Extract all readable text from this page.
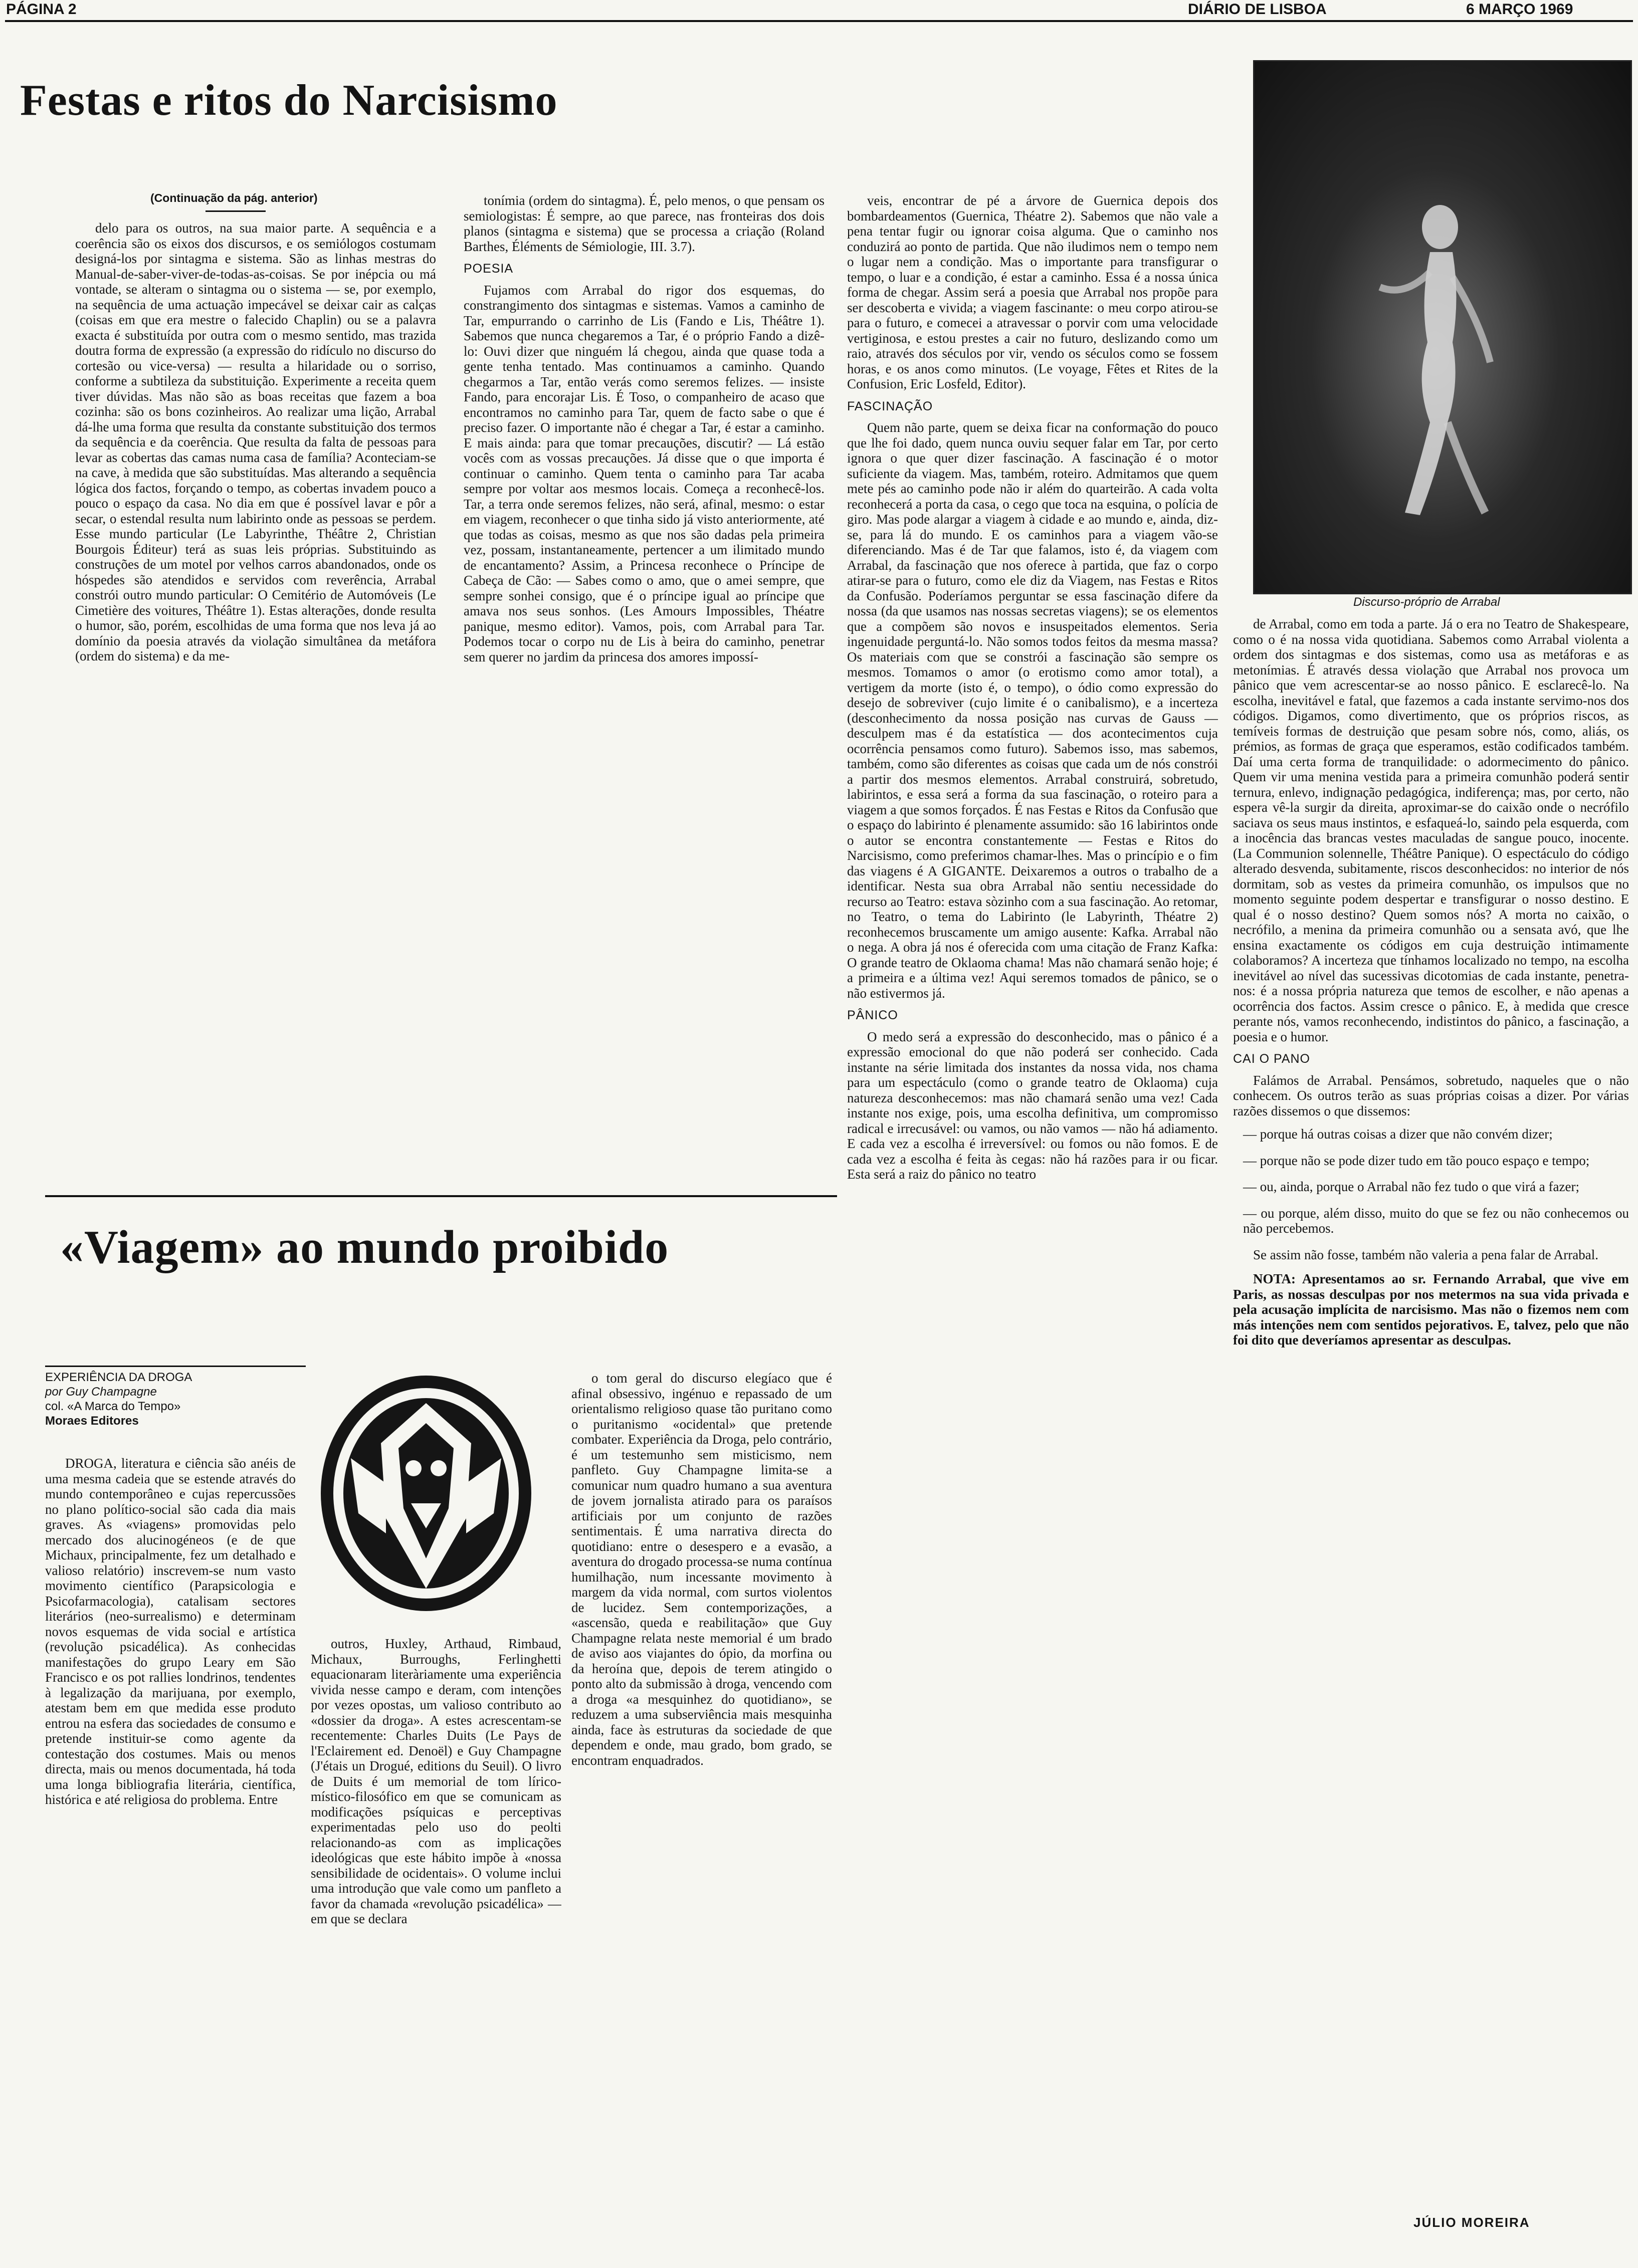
PÁGINA 2	DIÁRIO DE LISBOA	6 MARÇO 1969
Festas e ritos do Narcisismo
(Continuação da pág. anterior)

delo para os outros, na sua maior parte. A sequência e a coerência são os eixos dos discursos, e os semiólogos costumam designá-los por sintagma e sistema. São as linhas mestras do Manual-de-saber-viver-de-todas-as-coisas. Se por inépcia ou má vontade, se alteram o sintagma ou o sistema — se, por exemplo, na sequência de uma actuação impecável se deixar cair as calças (coisas em que era mestre o falecido Chaplin) ou se a palavra exacta é substituída por outra com o mesmo sentido, mas trazida doutra forma de expressão (a expressão do ridículo no discurso do cortesão ou vice-versa) — resulta a hilaridade ou o sorriso, conforme a subtileza da substituição. Experimente a receita quem tiver dúvidas. Mas não são as boas receitas que fazem a boa cozinha: são os bons cozinheiros. Ao realizar uma lição, Arrabal dá-lhe uma forma que resulta da constante substituição dos termos da sequência e da coerência. Que resulta da falta de pessoas para levar as cobertas das camas numa casa de família? Aconteciam-se na cave, à medida que são substituídas. Mas alterando a sequência lógica dos factos, forçando o tempo, as cobertas invadem pouco a pouco o espaço da casa. No dia em que é possível lavar e pôr a secar, o estendal resulta num labirinto onde as pessoas se perdem. Esse mundo particular (Le Labyrinthe, Théâtre 2, Christian Bourgois Éditeur) terá as suas leis próprias. Substituindo as construções de um motel por velhos carros abandonados, onde os hóspedes são atendidos e servidos com reverência, Arrabal constrói outro mundo particular: O Cemitério de Automóveis (Le Cimetière des voitures, Théâtre 1). Estas alterações, donde resulta o humor, são, porém, escolhidas de uma forma que nos leva já ao domínio da poesia através da violação simultânea da metáfora (ordem do sistema) e da me-

tonímia (ordem do sintagma). É, pelo menos, o que pensam os semiologistas: É sempre, ao que parece, nas fronteiras dos dois planos (sintagma e sistema) que se processa a criação (Roland Barthes, Éléments de Sémiologie, III. 3.7).

POESIA

Fujamos com Arrabal do rigor dos esquemas, do constrangimento dos sintagmas e sistemas. Vamos a caminho de Tar, empurrando o carrinho de Lis (Fando e Lis, Théâtre 1). Sabemos que nunca chegaremos a Tar, é o próprio Fando a dizê-lo: Ouvi dizer que ninguém lá chegou, ainda que quase toda a gente tenha tentado. Mas continuamos a caminho. Quando chegarmos a Tar, então verás como seremos felizes. — insiste Fando, para encorajar Lis. É Toso, o companheiro de acaso que encontramos no caminho para Tar, quem de facto sabe o que é preciso fazer. O importante não é chegar a Tar, é estar a caminho. E mais ainda: para que tomar precauções, discutir? — Lá estão vocês com as vossas precauções. Já disse que o que importa é continuar o caminho. Quem tenta o caminho para Tar acaba sempre por voltar aos mesmos locais. Começa a reconhecê-los. Tar, a terra onde seremos felizes, não será, afinal, mesmo: o estar em viagem, reconhecer o que tinha sido já visto anteriormente, até que todas as coisas, mesmo as que nos são dadas pela primeira vez, possam, instantaneamente, pertencer a um ilimitado mundo de encantamento? Assim, a Princesa reconhece o Príncipe de Cabeça de Cão: — Sabes como o amo, que o amei sempre, que sempre sonhei consigo, que é o príncipe igual ao príncipe que amava nos seus sonhos. (Les Amours Impossibles, Théatre panique, mesmo editor). Vamos, pois, com Arrabal para Tar. Podemos tocar o corpo nu de Lis à beira do caminho, penetrar sem querer no jardim da princesa dos amores impossí-

veis, encontrar de pé a árvore de Guernica depois dos bombardeamentos (Guernica, Théatre 2). Sabemos que não vale a pena tentar fugir ou ignorar coisa alguma. Que o caminho nos conduzirá ao ponto de partida. Que não iludimos nem o tempo nem o lugar nem a condição. Mas o importante para transfigurar o tempo, o luar e a condição, é estar a caminho. Essa é a nossa única forma de chegar. Assim será a poesia que Arrabal nos propõe para ser descoberta e vivida; a viagem fascinante: o meu corpo atirou-se para o futuro, e comecei a atravessar o porvir com uma velocidade vertiginosa, e estou prestes a cair no futuro, deslizando como um raio, através dos séculos por vir, vendo os séculos como se fossem horas, e os anos como minutos. (Le voyage, Fêtes et Rites de la Confusion, Eric Losfeld, Editor).

FASCINAÇÃO

Quem não parte, quem se deixa ficar na conformação do pouco que lhe foi dado, quem nunca ouviu sequer falar em Tar, por certo ignora o que quer dizer fascinação. A fascinação é o motor suficiente da viagem. Mas, também, roteiro. Admitamos que quem mete pés ao caminho pode não ir além do quarteirão. A cada volta reconhecerá a porta da casa, o cego que toca na esquina, o polícia de giro. Mas pode alargar a viagem à cidade e ao mundo e, ainda, diz-se, para lá do mundo. E os caminhos para a viagem vão-se diferenciando. Mas é de Tar que falamos, isto é, da viagem com Arrabal, da fascinação que nos oferece à partida, que faz o corpo atirar-se para o futuro, como ele diz da Viagem, nas Festas e Ritos da Confusão. Poderíamos perguntar se essa fascinação difere da nossa (da que usamos nas nossas secretas viagens); se os elementos que a compõem são novos e insuspeitados elementos. Seria ingenuidade perguntá-lo. Não somos todos feitos da mesma massa? Os materiais com que se constrói a fascinação são sempre os mesmos. Tomamos o amor (o erotismo como amor total), a vertigem da morte (isto é, o tempo), o ódio como expressão do desejo de sobreviver (cujo limite é o canibalismo), e a incerteza (desconhecimento da nossa posição nas curvas de Gauss — desculpem mas é da estatística — dos acontecimentos cuja ocorrência pensamos como futuro). Sabemos isso, mas sabemos, também, como são diferentes as coisas que cada um de nós constrói a partir dos mesmos elementos. Arrabal construirá, sobretudo, labirintos, e essa será a forma da sua fascinação, o roteiro para a viagem a que somos forçados. É nas Festas e Ritos da Confusão que o espaço do labirinto é plenamente assumido: são 16 labirintos onde o autor se encontra constantemente — Festas e Ritos do Narcisismo, como preferimos chamar-lhes. Mas o princípio e o fim das viagens é A GIGANTE. Deixaremos a outros o trabalho de a identificar. Nesta sua obra Arrabal não sentiu necessidade do recurso ao Teatro: estava sòzinho com a sua fascinação. Ao retomar, no Teatro, o tema do Labirinto (le Labyrinth, Théatre 2) reconhecemos bruscamente um amigo ausente: Kafka. Arrabal não o nega. A obra já nos é oferecida com uma citação de Franz Kafka: O grande teatro de Oklaoma chama! Mas não chamará senão hoje; é a primeira e a última vez! Aqui seremos tomados de pânico, se o não estivermos já.

PÂNICO

O medo será a expressão do desconhecido, mas o pânico é a expressão emocional do que não poderá ser conhecido. Cada instante na série limitada dos instantes da nossa vida, nos chama para um espectáculo (como o grande teatro de Oklaoma) cuja natureza desconhecemos: mas não chamará senão uma vez! Cada instante nos exige, pois, uma escolha definitiva, um compromisso radical e irrecusável: ou vamos, ou não vamos — não há adiamento. E cada vez a escolha é irreversível: ou fomos ou não fomos. E de cada vez a escolha é feita às cegas: não há razões para ir ou ficar. Esta será a raiz do pânico no teatro

Discurso-próprio de Arrabal

de Arrabal, como em toda a parte. Já o era no Teatro de Shakespeare, como o é na nossa vida quotidiana. Sabemos como Arrabal violenta a ordem dos sintagmas e dos sistemas, como usa as metáforas e as metonímias. É através dessa violação que Arrabal nos provoca um pânico que vem acrescentar-se ao nosso pânico. E esclarecê-lo. Na escolha, inevitável e fatal, que fazemos a cada instante servimo-nos dos códigos. Digamos, como divertimento, que os próprios riscos, as temíveis formas de destruição que pesam sobre nós, como, aliás, os prémios, as formas de graça que esperamos, estão codificados também. Daí uma certa forma de tranquilidade: o adormecimento do pânico. Quem vir uma menina vestida para a primeira comunhão poderá sentir ternura, enlevo, indignação pedagógica, indiferença; mas, por certo, não espera vê-la surgir da direita, aproximar-se do caixão onde o necrófilo saciava os seus maus instintos, e esfaqueá-lo, saindo pela esquerda, com a inocência das brancas vestes maculadas de sangue pouco, inocente. (La Communion solennelle, Théâtre Panique). O espectáculo do código alterado desvenda, subitamente, riscos desconhecidos: no interior de nós dormitam, sob as vestes da primeira comunhão, os impulsos que no momento seguinte podem despertar e transfigurar o nosso destino. E qual é o nosso destino? Quem somos nós? A morta no caixão, o necrófilo, a menina da primeira comunhão ou a sensata avó, que lhe ensina exactamente os códigos em cuja destruição intimamente colaboramos? A incerteza que tínhamos localizado no tempo, na escolha inevitável ao nível das sucessivas dicotomias de cada instante, penetra-nos: é a nossa própria natureza que temos de escolher, e não apenas a ocorrência dos factos. Assim cresce o pânico. E, à medida que cresce perante nós, vamos reconhecendo, indistintos do pânico, a fascinação, a poesia e o humor.

CAI O PANO

Falámos de Arrabal. Pensámos, sobretudo, naqueles que o não conhecem. Os outros terão as suas próprias coisas a dizer. Por várias razões dissemos o que dissemos:

— porque há outras coisas a dizer que não convém dizer;

— porque não se pode dizer tudo em tão pouco espaço e tempo;

— ou, ainda, porque o Arrabal não fez tudo o que virá a fazer;

— ou porque, além disso, muito do que se fez ou não conhecemos ou não percebemos.

Se assim não fosse, também não valeria a pena falar de Arrabal.

NOTA: Apresentamos ao sr. Fernando Arrabal, que vive em Paris, as nossas desculpas por nos metermos na sua vida privada e pela acusação implícita de narcisismo. Mas não o fizemos nem com más intenções nem com sentidos pejorativos. E, talvez, pelo que não foi dito que deveríamos apresentar as desculpas.

JÚLIO MOREIRA
«Viagem» ao mundo proibido
EXPERIÊNCIA DA DROGA
por Guy Champagne
col. «A Marca do Tempo»
Moraes Editores

DROGA, literatura e ciência são anéis de uma mesma cadeia que se estende através do mundo contemporâneo e cujas repercussões no plano político-social são cada dia mais graves. As «viagens» promovidas pelo mercado dos alucinogéneos (e de que Michaux, principalmente, fez um detalhado e valioso relatório) inscrevem-se num vasto movimento científico (Parapsicologia e Psicofarmacologia), catalisam sectores literários (neo-surrealismo) e determinam novos esquemas de vida social e artística (revolução psicadélica). As conhecidas manifestações do grupo Leary em São Francisco e os pot rallies londrinos, tendentes à legalização da marijuana, por exemplo, atestam bem em que medida esse produto entrou na esfera das sociedades de consumo e pretende instituir-se como agente da contestação dos costumes. Mais ou menos directa, mais ou menos documentada, há toda uma longa bibliografia literária, científica, histórica e até religiosa do problema. Entre

outros, Huxley, Arthaud, Rimbaud, Michaux, Burroughs, Ferlinghetti equacionaram literàriamente uma experiência vivida nesse campo e deram, com intenções por vezes opostas, um valioso contributo ao «dossier da droga». A estes acrescentam-se recentemente: Charles Duits (Le Pays de l'Eclairement ed. Denoël) e Guy Champagne (J'étais un Drogué, editions du Seuil). O livro de Duits é um memorial de tom lírico-místico-filosófico em que se comunicam as modificações psíquicas e perceptivas experimentadas pelo uso do peolti relacionando-as com as implicações ideológicas que este hábito impõe à «nossa sensibilidade de ocidentais». O volume inclui uma introdução que vale como um panfleto a favor da chamada «revolução psicadélica» — em que se declara

o tom geral do discurso elegíaco que é afinal obsessivo, ingénuo e repassado de um orientalismo religioso quase tão puritano como o puritanismo «ocidental» que pretende combater. Experiência da Droga, pelo contrário, é um testemunho sem misticismo, nem panfleto. Guy Champagne limita-se a comunicar num quadro humano a sua aventura de jovem jornalista atirado para os paraísos artificiais por um conjunto de razões sentimentais. É uma narrativa directa do quotidiano: entre o desespero e a evasão, a aventura do drogado processa-se numa contínua humilhação, num incessante movimento à margem da vida normal, com surtos violentos de lucidez. Sem contemporizações, a «ascensão, queda e reabilitação» que Guy Champagne relata neste memorial é um brado de aviso aos viajantes do ópio, da morfina ou da heroína que, depois de terem atingido o ponto alto da submissão à droga, vencendo com a droga «a mesquinhez do quotidiano», se reduzem a uma subserviência mais mesquinha ainda, face às estruturas da sociedade de que dependem e onde, mau grado, bom grado, se encontram enquadrados.
